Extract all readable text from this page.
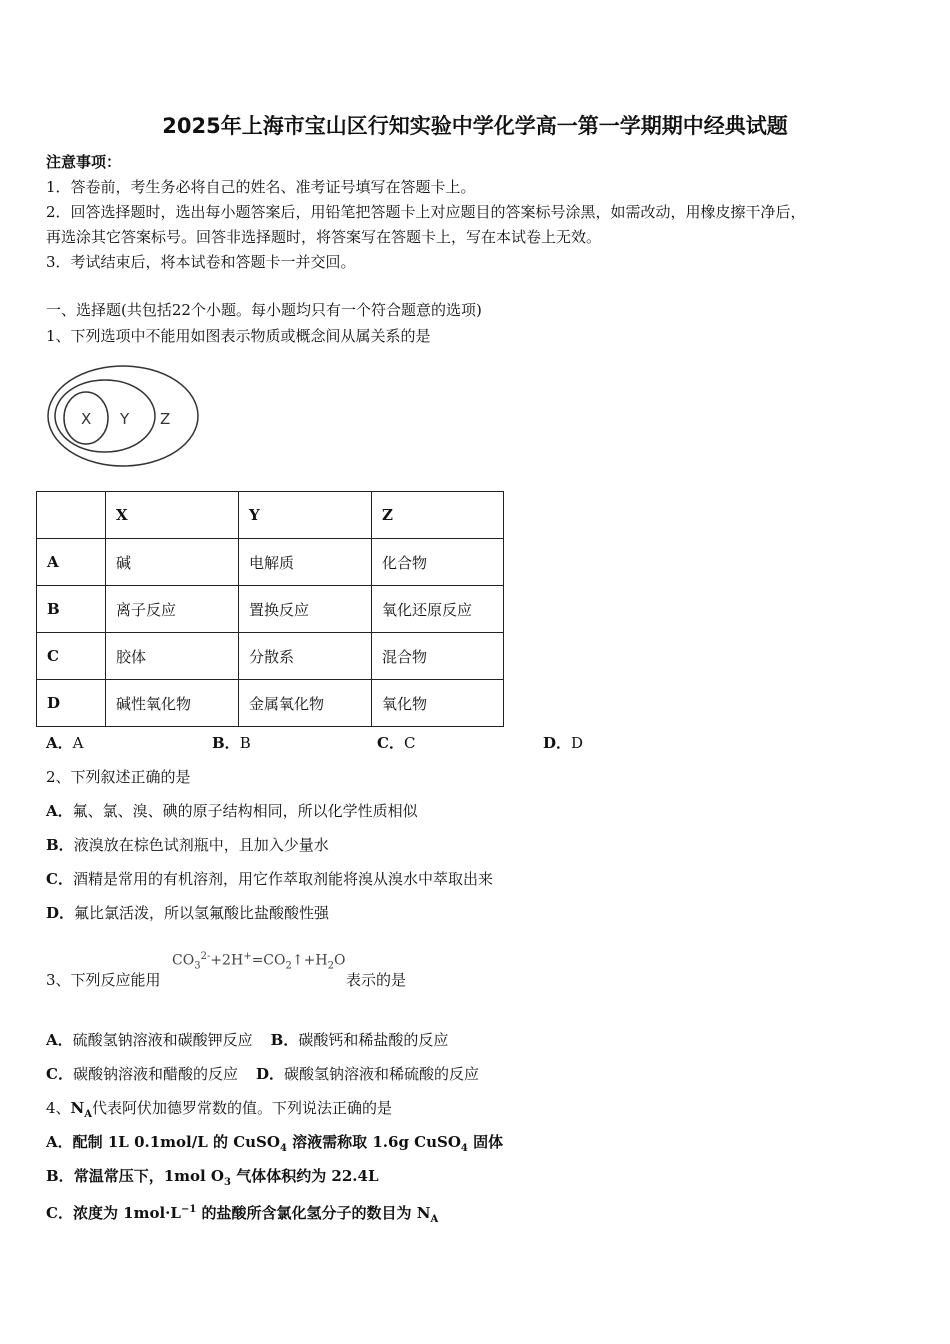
2025年上海市宝山区行知实验中学化学高一第一学期期中经典试题
注意事项：
1．答卷前，考生务必将自己的姓名、准考证号填写在答题卡上。
2．回答选择题时，选出每小题答案后，用铅笔把答题卡上对应题目的答案标号涂黑，如需改动，用橡皮擦干净后，
再选涂其它答案标号。回答非选择题时，将答案写在答题卡上，写在本试卷上无效。
3．考试结束后，将本试卷和答题卡一并交回。
一、选择题(共包括22个小题。每小题均只有一个符合题意的选项)
1、下列选项中不能用如图表示物质或概念间从属关系的是
X Y Z
	X	Y	Z
A	碱	电解质	化合物
B	离子反应	置换反应	氧化还原反应
C	胶体	分散系	混合物
D	碱性氧化物	金属氧化物	氧化物
A．A	B．B	C．C	D．D
2、下列叙述正确的是
A．氟、氯、溴、碘的原子结构相同，所以化学性质相似
B．液溴放在棕色试剂瓶中，且加入少量水
C．酒精是常用的有机溶剂，用它作萃取剂能将溴从溴水中萃取出来
D．氟比氯活泼，所以氢氟酸比盐酸酸性强
$CO_3^{2-}+2H^+=CO_2↑+H_2O$
3、下列反应能用	表示的是
A．硫酸氢钠溶液和碳酸钾反应 B．碳酸钙和稀盐酸的反应
C．碳酸钠溶液和醋酸的反应 D．碳酸氢钠溶液和稀硫酸的反应
4、$N_A$代表阿伏加德罗常数的值。下列说法正确的是
A．配制 1L 0.1mol/L 的 CuSO$_4$ 溶液需称取 1.6g CuSO$_4$ 固体
B．常温常压下，1mol $O_3$ 气体体积约为 22.4L
C．浓度为 $1mol\cdot L^{-1}$ 的盐酸所含氯化氢分子的数目为 $N_A$
